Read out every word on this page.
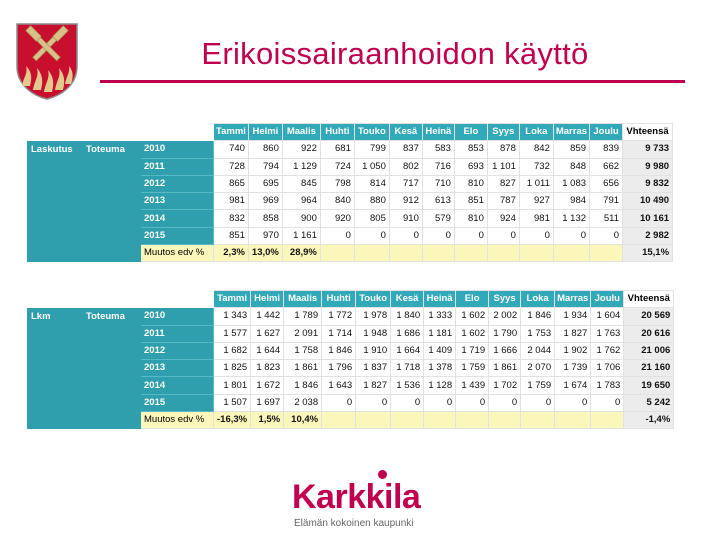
Erikoissairaanhoidon käyttö
			Tammi	Helmi	Maalis	Huhti	Touko	Kesä	Heinä	Elo	Syys	Loka	Marras	Joulu	Vhteensä
Laskutus	Toteuma	2010	740	860	922	681	799	837	583	853	878	842	859	839	9 733
		2011	728	794	1 129	724	1 050	802	716	693	1 101	732	848	662	9 980
		2012	865	695	845	798	814	717	710	810	827	1 011	1 083	656	9 832
		2013	981	969	964	840	880	912	613	851	787	927	984	791	10 490
		2014	832	858	900	920	805	910	579	810	924	981	1 132	511	10 161
		2015	851	970	1 161	0	0	0	0	0	0	0	0	0	2 982
		Muutos edv %	2,3%	13,0%	28,9%										15,1%
			Tammi	Helmi	Maalis	Huhti	Touko	Kesä	Heinä	Elo	Syys	Loka	Marras	Joulu	Vhteensä
Lkm	Toteuma	2010	1 343	1 442	1 789	1 772	1 978	1 840	1 333	1 602	2 002	1 846	1 934	1 604	20 569
		2011	1 577	1 627	2 091	1 714	1 948	1 686	1 181	1 602	1 790	1 753	1 827	1 763	20 616
		2012	1 682	1 644	1 758	1 846	1 910	1 664	1 409	1 719	1 666	2 044	1 902	1 762	21 006
		2013	1 825	1 823	1 861	1 796	1 837	1 718	1 378	1 759	1 861	2 070	1 739	1 706	21 160
		2014	1 801	1 672	1 846	1 643	1 827	1 536	1 128	1 439	1 702	1 759	1 674	1 783	19 650
		2015	1 507	1 697	2 038	0	0	0	0	0	0	0	0	0	5 242
		Muutos edv %	-16,3%	1,5%	10,4%										-1,4%
Karkkila
Elämän kokoinen kaupunki
